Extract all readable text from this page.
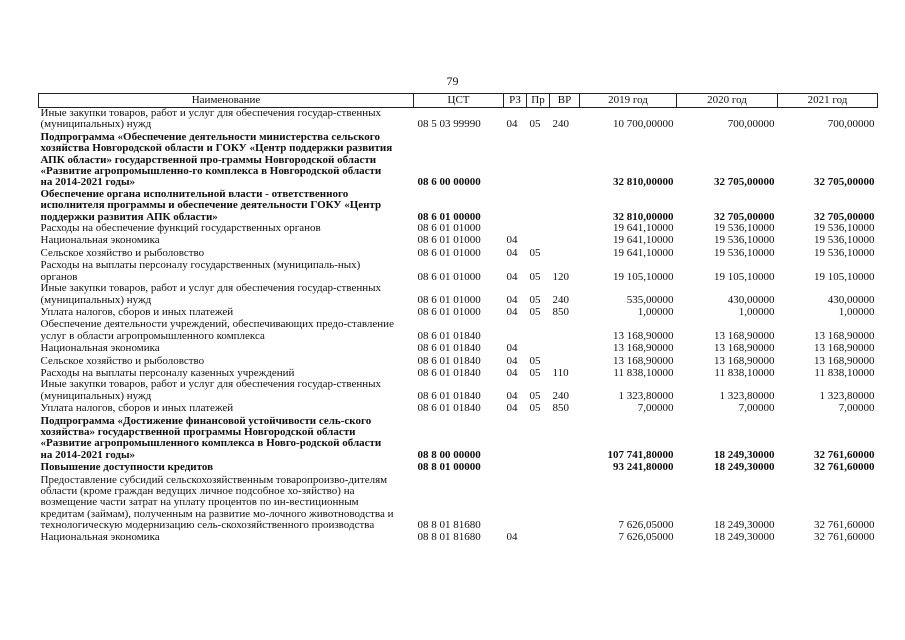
79
Наименование	ЦСТ	РЗ	Пр	ВР	2019 год	2020 год	2021 год
Иные закупки товаров, работ и услуг для обеспечения государ-ственных (муниципальных) нужд	08 5 03 99990	04	05	240	10 700,00000	700,00000	700,00000
Подпрограмма «Обеспечение деятельности министерства сельского хозяйства Новгородской области и ГОКУ «Центр поддержки развития АПК области» государственной про-граммы Новгородской области «Развитие агропромышленно-го комплекса в Новгородской области на 2014-2021 годы»	08 6 00 00000				32 810,00000	32 705,00000	32 705,00000
Обеспечение органа исполнительной власти - ответственного исполнителя программы и обеспечение деятельности ГОКУ «Центр поддержки развития АПК области»	08 6 01 00000				32 810,00000	32 705,00000	32 705,00000
Расходы на обеспечение функций государственных органов	08 6 01 01000				19 641,10000	19 536,10000	19 536,10000
Национальная экономика	08 6 01 01000	04			19 641,10000	19 536,10000	19 536,10000
Сельское хозяйство и рыболовство	08 6 01 01000	04	05		19 641,10000	19 536,10000	19 536,10000
Расходы на выплаты персоналу государственных (муниципаль-ных) органов	08 6 01 01000	04	05	120	19 105,10000	19 105,10000	19 105,10000
Иные закупки товаров, работ и услуг для обеспечения государ-ственных (муниципальных) нужд	08 6 01 01000	04	05	240	535,00000	430,00000	430,00000
Уплата налогов, сборов и иных платежей	08 6 01 01000	04	05	850	1,00000	1,00000	1,00000
Обеспечение деятельности учреждений, обеспечивающих предо-ставление услуг в области агропромышленного комплекса	08 6 01 01840				13 168,90000	13 168,90000	13 168,90000
Национальная экономика	08 6 01 01840	04			13 168,90000	13 168,90000	13 168,90000
Сельское хозяйство и рыболовство	08 6 01 01840	04	05		13 168,90000	13 168,90000	13 168,90000
Расходы на выплаты персоналу казенных учреждений	08 6 01 01840	04	05	110	11 838,10000	11 838,10000	11 838,10000
Иные закупки товаров, работ и услуг для обеспечения государ-ственных (муниципальных) нужд	08 6 01 01840	04	05	240	1 323,80000	1 323,80000	1 323,80000
Уплата налогов, сборов и иных платежей	08 6 01 01840	04	05	850	7,00000	7,00000	7,00000
Подпрограмма «Достижение финансовой устойчивости сель-ского хозяйства» государственной программы Новгородской области «Развитие агропромышленного комплекса в Новго-родской области на 2014-2021 годы»	08 8 00 00000				107 741,80000	18 249,30000	32 761,60000
Повышение доступности кредитов	08 8 01 00000				93 241,80000	18 249,30000	32 761,60000
Предоставление субсидий сельскохозяйственным товаропроизво-дителям области (кроме граждан ведущих личное подсобное хо-зяйство) на возмещение части затрат на уплату процентов по ин-вестиционным кредитам (займам), полученным на развитие мо-лочного животноводства и технологическую модернизацию сель-скохозяйственного производства	08 8 01 81680				7 626,05000	18 249,30000	32 761,60000
Национальная экономика	08 8 01 81680	04			7 626,05000	18 249,30000	32 761,60000
